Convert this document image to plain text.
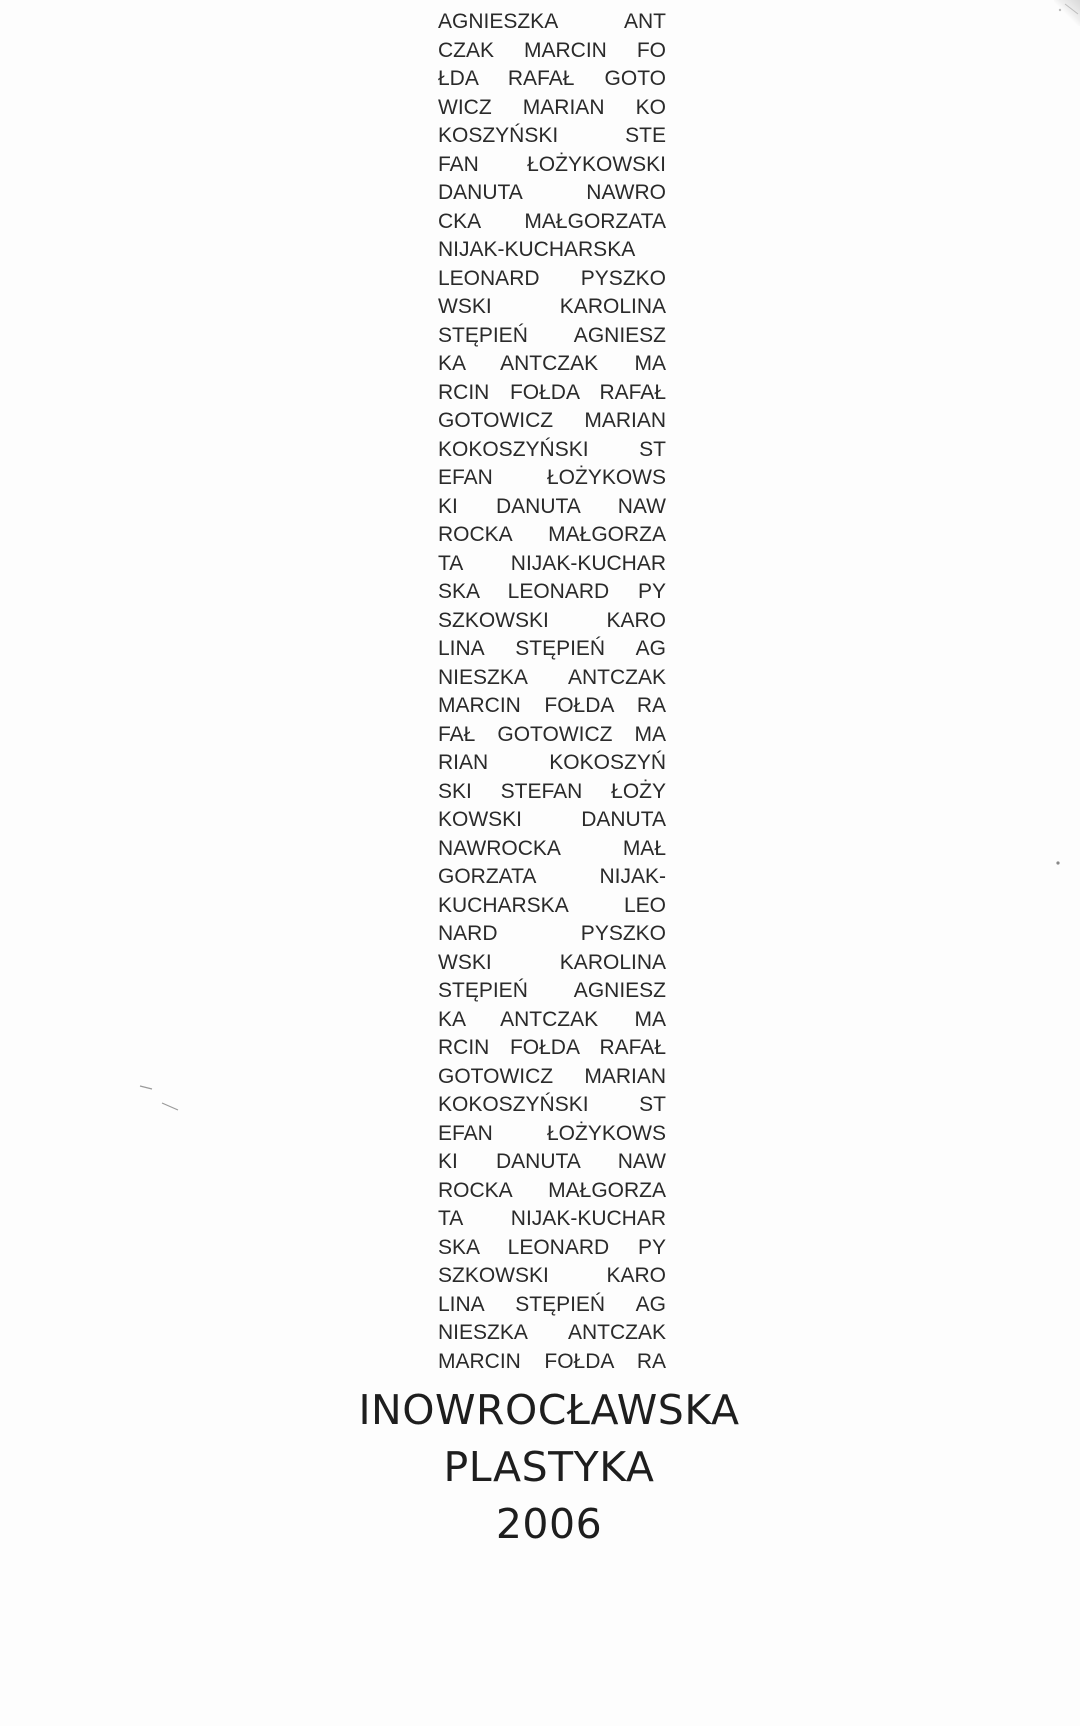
AGNIESZKA ANT
CZAK MARCIN FO
ŁDA RAFAŁ GOTO
WICZ MARIAN KO
KOSZYŃSKI STE
FAN ŁOŻYKOWSKI
DANUTA NAWRO
CKA MAŁGORZATA
NIJAK-KUCHARSKA
LEONARD PYSZKO
WSKI KAROLINA
STĘPIEŃ AGNIESZ
KA ANTCZAK MA
RCIN FOŁDA RAFAŁ
GOTOWICZ MARIAN
KOKOSZYŃSKI ST
EFAN ŁOŻYKOWS
KI DANUTA NAW
ROCKA MAŁGORZA
TA NIJAK-KUCHAR
SKA LEONARD PY
SZKOWSKI KARO
LINA STĘPIEŃ AG
NIESZKA ANTCZAK
MARCIN FOŁDA RA
FAŁ GOTOWICZ MA
RIAN KOKOSZYŃ
SKI STEFAN ŁOŻY
KOWSKI DANUTA
NAWROCKA MAŁ
GORZATA NIJAK-
KUCHARSKA LEO
NARD PYSZKO
WSKI KAROLINA
STĘPIEŃ AGNIESZ
KA ANTCZAK MA
RCIN FOŁDA RAFAŁ
GOTOWICZ MARIAN
KOKOSZYŃSKI ST
EFAN ŁOŻYKOWS
KI DANUTA NAW
ROCKA MAŁGORZA
TA NIJAK-KUCHAR
SKA LEONARD PY
SZKOWSKI KARO
LINA STĘPIEŃ AG
NIESZKA ANTCZAK
MARCIN FOŁDA RA
INOWROCŁAWSKA
PLASTYKA
2006
